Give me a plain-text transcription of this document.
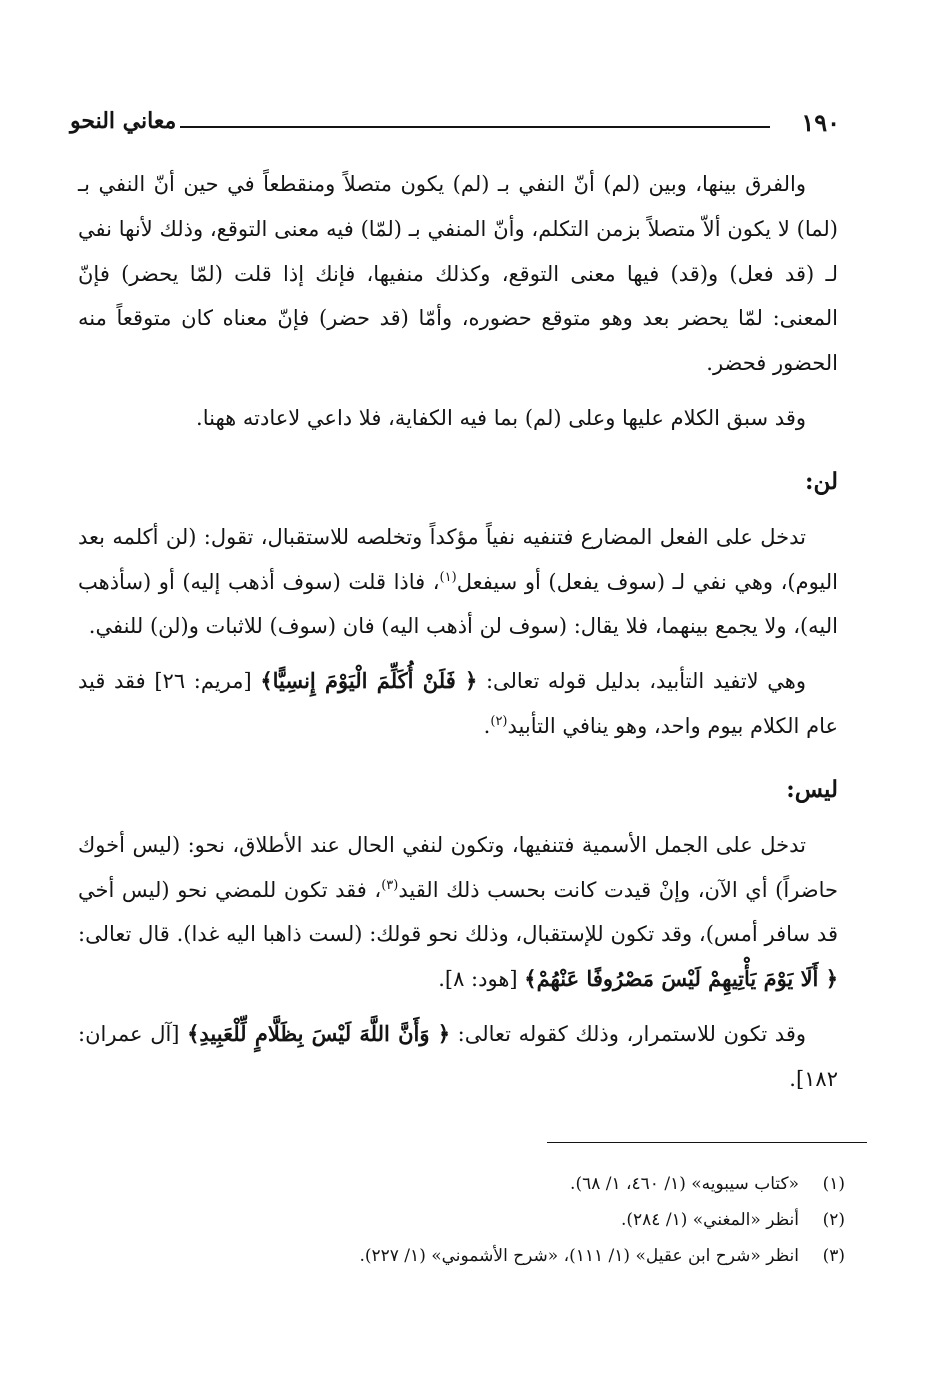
١٩٠
معاني النحو

والفرق بينها، وبين (لم) أنّ النفي بـ (لم) يكون متصلاً ومنقطعاً في حين أنّ النفي بـ (لما) لا يكون ألاّ متصلاً بزمن التكلم، وأنّ المنفي بـ (لمّا) فيه معنى التوقع، وذلك لأنها نفي لـ (قد فعل) و(قد) فيها معنى التوقع، وكذلك منفيها، فإنك إذا قلت (لمّا يحضر) فإنّ المعنى: لمّا يحضر بعد وهو متوقع حضوره، وأمّا (قد حضر) فإنّ معناه كان متوقعاً منه الحضور فحضر.

وقد سبق الكلام عليها وعلى (لم) بما فيه الكفاية، فلا داعي لاعادته ههنا.

لن:

تدخل على الفعل المضارع فتنفيه نفياً مؤكداً وتخلصه للاستقبال، تقول: (لن أكلمه بعد اليوم)، وهي نفي لـ (سوف يفعل) أو سيفعل$^{(١)}$، فاذا قلت (سوف أذهب إليه) أو (سأذهب اليه)، ولا يجمع بينهما، فلا يقال: (سوف لن أذهب اليه) فان (سوف) للاثبات و(لن) للنفي.

وهي لاتفيد التأبيد، بدليل قوله تعالى: ﴿ فَلَنْ أُكَلِّمَ الْيَوْمَ إِنسِيًّا﴾ [مريم: ٢٦] فقد قيد عام الكلام بيوم واحد، وهو ينافي التأبيد$^{(٢)}$.

ليس:

تدخل على الجمل الأسمية فتنفيها، وتكون لنفي الحال عند الأطلاق، نحو: (ليس أخوك حاضراً) أي الآن، وإنْ قيدت كانت بحسب ذلك القيد$^{(٣)}$، فقد تكون للمضي نحو (ليس أخي قد سافر أمس)، وقد تكون للإستقبال، وذلك نحو قولك: (لست ذاهبا اليه غدا). قال تعالى: ﴿ أَلَا يَوْمَ يَأْتِيهِمْ لَيْسَ مَصْرُوفًا عَنْهُمْ﴾ [هود: ٨].

وقد تكون للاستمرار، وذلك كقوله تعالى: ﴿ وَأَنَّ اللَّهَ لَيْسَ بِظَلَّامٍ لِّلْعَبِيدِ﴾ [آل عمران: ١٨٢].

(١)«كتاب سيبويه» (١/ ٤٦٠، ١/ ٦٨).
(٢)أنظر «المغني» (١/ ٢٨٤).
(٣)انظر «شرح ابن عقيل» (١/ ١١١)، «شرح الأشموني» (١/ ٢٢٧).
